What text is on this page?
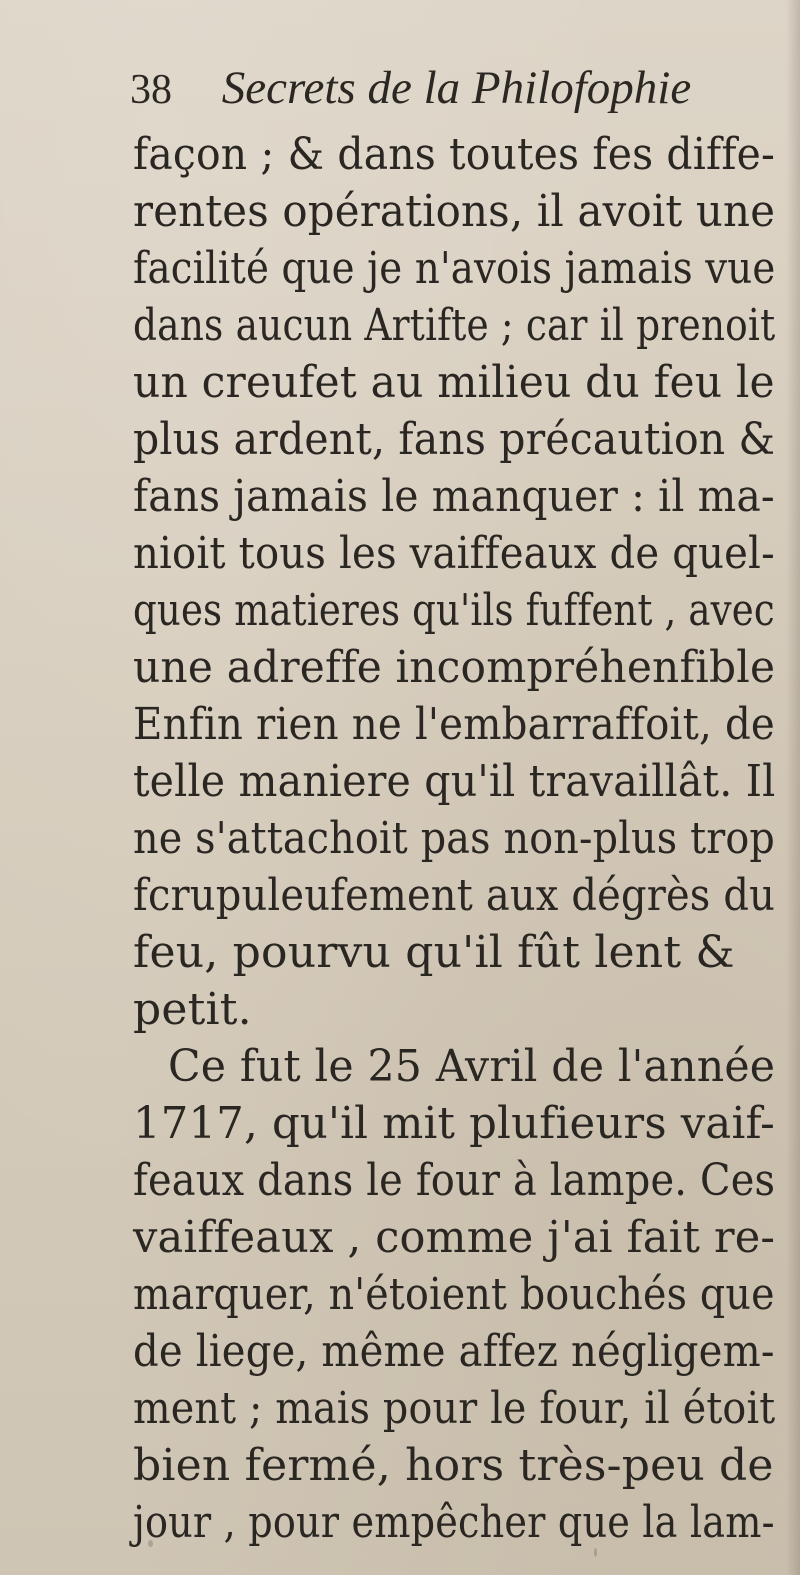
38 Secrets de la Philofophie
façon ; & dans toutes fes diffe-
rentes opérations, il avoit une
facilité que je n'avois jamais vue
dans aucun Artifte ; car il prenoit
un creufet au milieu du feu le
plus ardent, fans précaution &
fans jamais le manquer : il ma-
nioit tous les vaiffeaux de quel-
ques matieres qu'ils fuffent , avec
une adreffe incompréhenfible
Enfin rien ne l'embarraffoit, de
telle maniere qu'il travaillât. Il
ne s'attachoit pas non-plus trop
fcrupuleufement aux dégrès du
feu, pourvu qu'il fût lent &
petit.
Ce fut le 25 Avril de l'année
1717, qu'il mit plufieurs vaif-
feaux dans le four à lampe. Ces
vaiffeaux , comme j'ai fait re-
marquer, n'étoient bouchés que
de liege, même affez négligem-
ment ; mais pour le four, il étoit
bien fermé, hors très-peu de
jour , pour empêcher que la lam-
